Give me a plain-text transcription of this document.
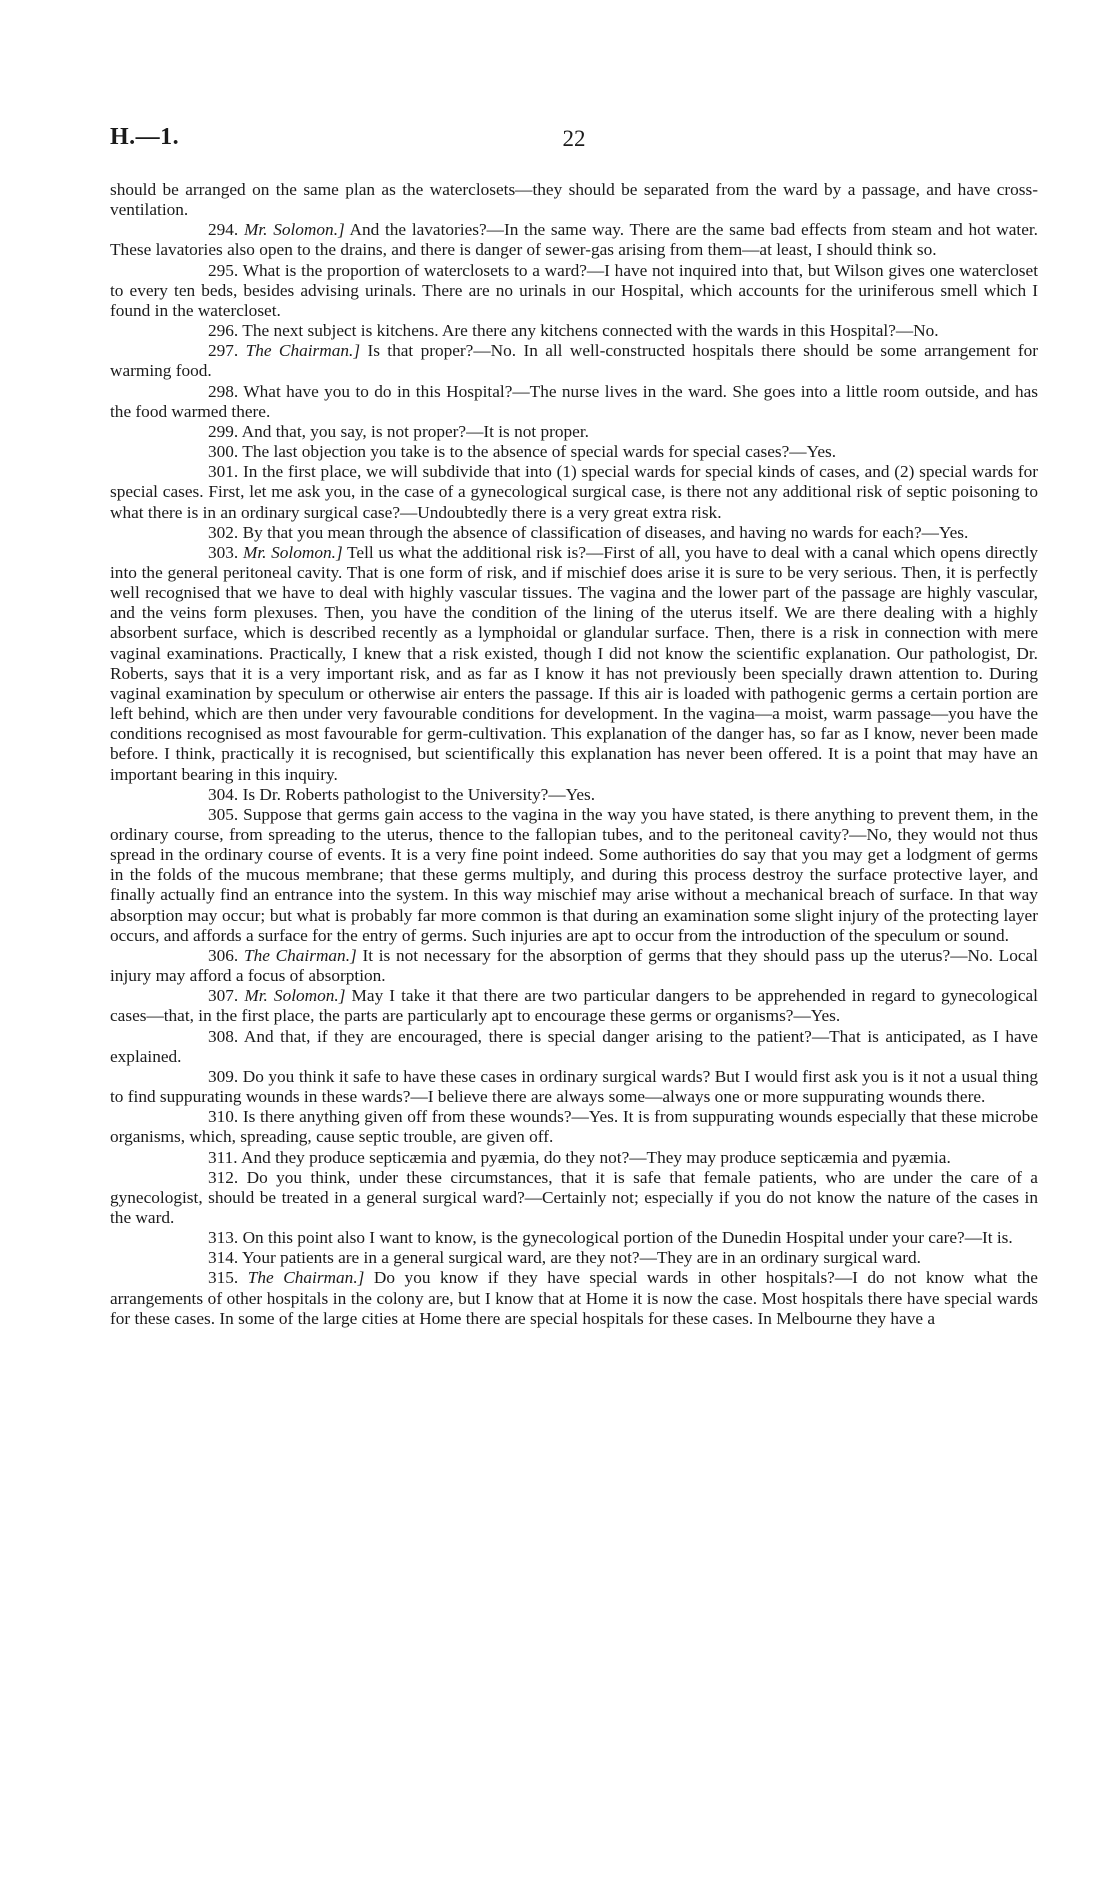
H.—1.	22

should be arranged on the same plan as the waterclosets—they should be separated from the ward by a passage, and have cross-ventilation.

294. Mr. Solomon.] And the lavatories?—In the same way. There are the same bad effects from steam and hot water. These lavatories also open to the drains, and there is danger of sewer-gas arising from them—at least, I should think so.

295. What is the proportion of waterclosets to a ward?—I have not inquired into that, but Wilson gives one watercloset to every ten beds, besides advising urinals. There are no urinals in our Hospital, which accounts for the uriniferous smell which I found in the watercloset.

296. The next subject is kitchens. Are there any kitchens connected with the wards in this Hospital?—No.

297. The Chairman.] Is that proper?—No. In all well-constructed hospitals there should be some arrangement for warming food.

298. What have you to do in this Hospital?—The nurse lives in the ward. She goes into a little room outside, and has the food warmed there.

299. And that, you say, is not proper?—It is not proper.

300. The last objection you take is to the absence of special wards for special cases?—Yes.

301. In the first place, we will subdivide that into (1) special wards for special kinds of cases, and (2) special wards for special cases. First, let me ask you, in the case of a gynecological surgical case, is there not any additional risk of septic poisoning to what there is in an ordinary surgical case?—Undoubtedly there is a very great extra risk.

302. By that you mean through the absence of classification of diseases, and having no wards for each?—Yes.

303. Mr. Solomon.] Tell us what the additional risk is?—First of all, you have to deal with a canal which opens directly into the general peritoneal cavity. That is one form of risk, and if mischief does arise it is sure to be very serious. Then, it is perfectly well recognised that we have to deal with highly vascular tissues. The vagina and the lower part of the passage are highly vascular, and the veins form plexuses. Then, you have the condition of the lining of the uterus itself. We are there dealing with a highly absorbent surface, which is described recently as a lymphoidal or glandular surface. Then, there is a risk in connection with mere vaginal examinations. Practically, I knew that a risk existed, though I did not know the scientific explanation. Our pathologist, Dr. Roberts, says that it is a very important risk, and as far as I know it has not previously been specially drawn attention to. During vaginal examination by speculum or otherwise air enters the passage. If this air is loaded with pathogenic germs a certain portion are left behind, which are then under very favourable conditions for development. In the vagina—a moist, warm passage—you have the conditions recognised as most favourable for germ-cultivation. This explanation of the danger has, so far as I know, never been made before. I think, practically it is recognised, but scientifically this explanation has never been offered. It is a point that may have an important bearing in this inquiry.

304. Is Dr. Roberts pathologist to the University?—Yes.

305. Suppose that germs gain access to the vagina in the way you have stated, is there anything to prevent them, in the ordinary course, from spreading to the uterus, thence to the fallopian tubes, and to the peritoneal cavity?—No, they would not thus spread in the ordinary course of events. It is a very fine point indeed. Some authorities do say that you may get a lodgment of germs in the folds of the mucous membrane; that these germs multiply, and during this process destroy the surface protective layer, and finally actually find an entrance into the system. In this way mischief may arise without a mechanical breach of surface. In that way absorption may occur; but what is probably far more common is that during an examination some slight injury of the protecting layer occurs, and affords a surface for the entry of germs. Such injuries are apt to occur from the introduction of the speculum or sound.

306. The Chairman.] It is not necessary for the absorption of germs that they should pass up the uterus?—No. Local injury may afford a focus of absorption.

307. Mr. Solomon.] May I take it that there are two particular dangers to be apprehended in regard to gynecological cases—that, in the first place, the parts are particularly apt to encourage these germs or organisms?—Yes.

308. And that, if they are encouraged, there is special danger arising to the patient?—That is anticipated, as I have explained.

309. Do you think it safe to have these cases in ordinary surgical wards? But I would first ask you is it not a usual thing to find suppurating wounds in these wards?—I believe there are always some—always one or more suppurating wounds there.

310. Is there anything given off from these wounds?—Yes. It is from suppurating wounds especially that these microbe organisms, which, spreading, cause septic trouble, are given off.

311. And they produce septicæmia and pyæmia, do they not?—They may produce septicæmia and pyæmia.

312. Do you think, under these circumstances, that it is safe that female patients, who are under the care of a gynecologist, should be treated in a general surgical ward?—Certainly not; especially if you do not know the nature of the cases in the ward.

313. On this point also I want to know, is the gynecological portion of the Dunedin Hospital under your care?—It is.

314. Your patients are in a general surgical ward, are they not?—They are in an ordinary surgical ward.

315. The Chairman.] Do you know if they have special wards in other hospitals?—I do not know what the arrangements of other hospitals in the colony are, but I know that at Home it is now the case. Most hospitals there have special wards for these cases. In some of the large cities at Home there are special hospitals for these cases. In Melbourne they have a
